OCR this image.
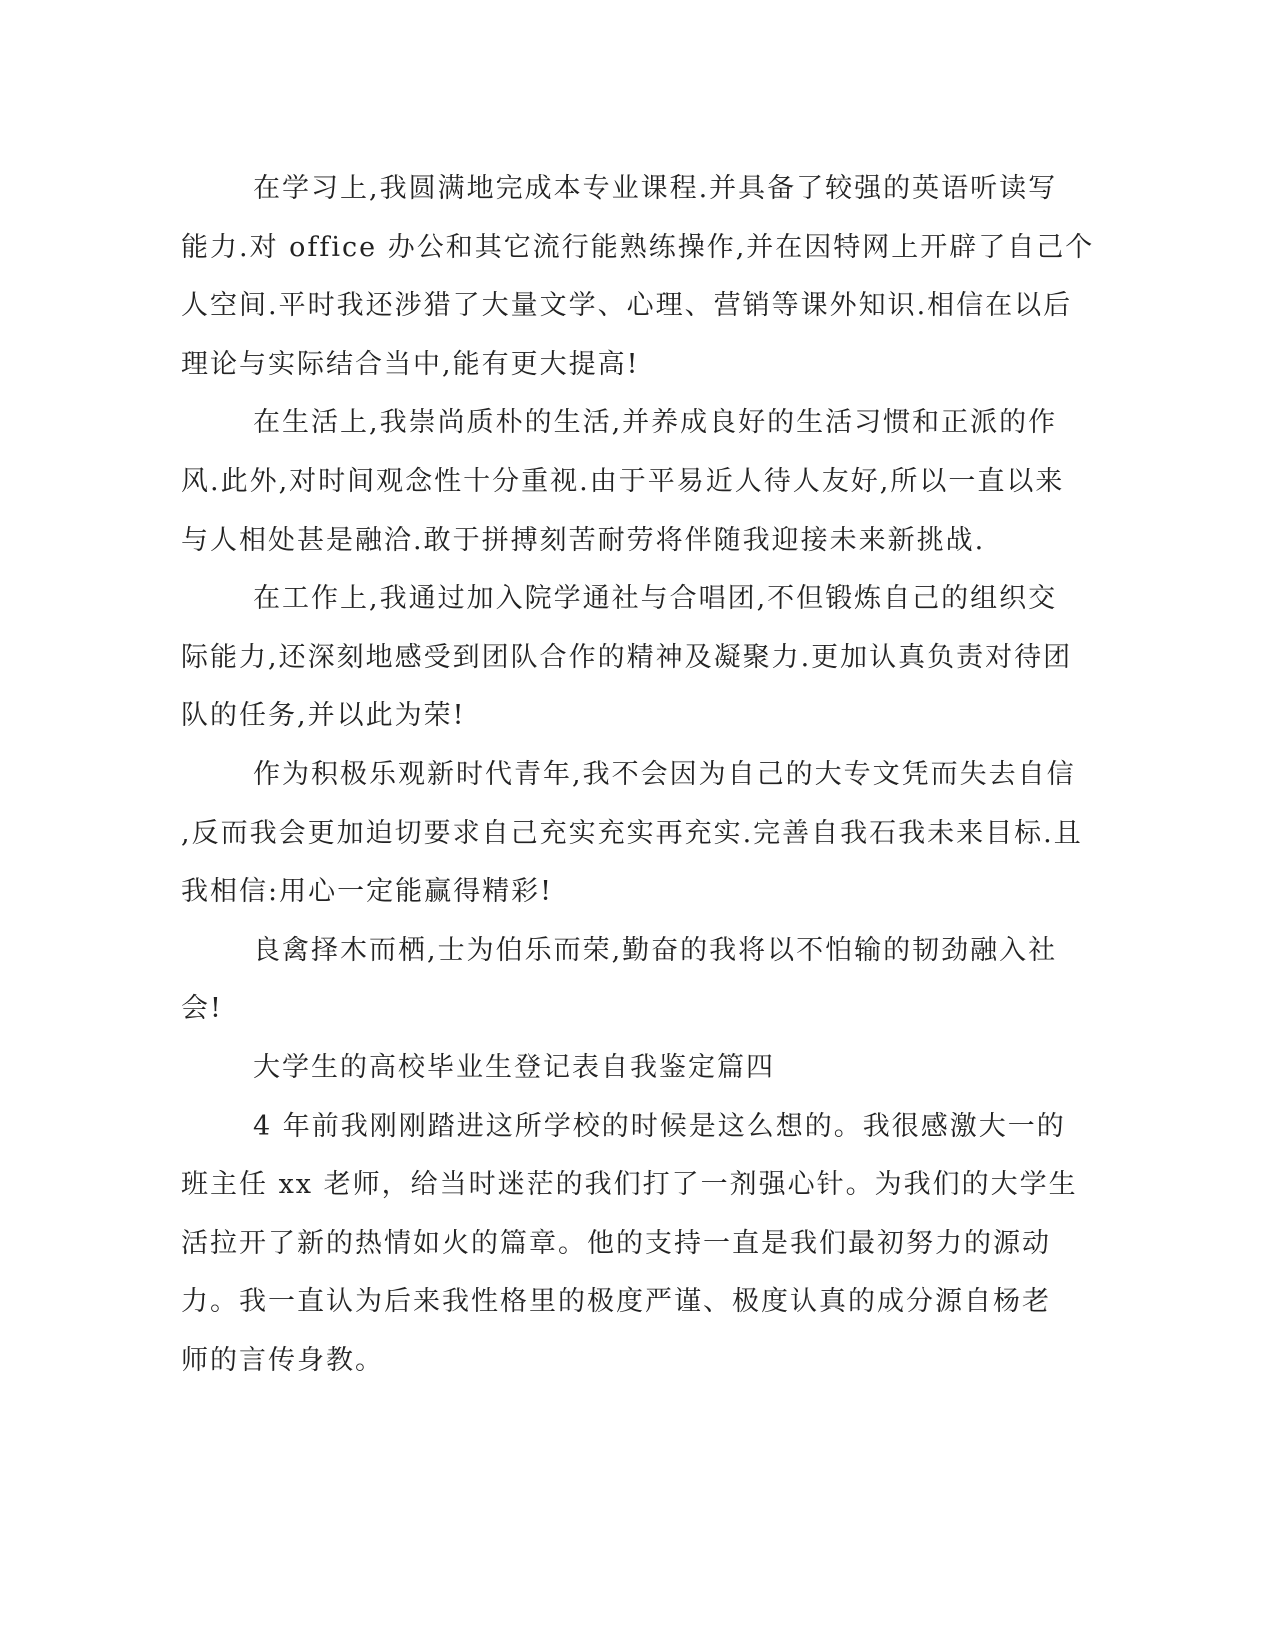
在学习上,我圆满地完成本专业课程.并具备了较强的英语听读写
能力.对 office 办公和其它流行能熟练操作,并在因特网上开辟了自己个
人空间.平时我还涉猎了大量文学、心理、营销等课外知识.相信在以后
理论与实际结合当中,能有更大提高!
在生活上,我崇尚质朴的生活,并养成良好的生活习惯和正派的作
风.此外,对时间观念性十分重视.由于平易近人待人友好,所以一直以来
与人相处甚是融洽.敢于拼搏刻苦耐劳将伴随我迎接未来新挑战.
在工作上,我通过加入院学通社与合唱团,不但锻炼自己的组织交
际能力,还深刻地感受到团队合作的精神及凝聚力.更加认真负责对待团
队的任务,并以此为荣!
作为积极乐观新时代青年,我不会因为自己的大专文凭而失去自信
,反而我会更加迫切要求自己充实充实再充实.完善自我石我未来目标.且
我相信:用心一定能赢得精彩!
良禽择木而栖,士为伯乐而荣,勤奋的我将以不怕输的韧劲融入社
会!
大学生的高校毕业生登记表自我鉴定篇四
4 年前我刚刚踏进这所学校的时候是这么想的。我很感激大一的
班主任 xx 老师，给当时迷茫的我们打了一剂强心针。为我们的大学生
活拉开了新的热情如火的篇章。他的支持一直是我们最初努力的源动
力。我一直认为后来我性格里的极度严谨、极度认真的成分源自杨老
师的言传身教。
